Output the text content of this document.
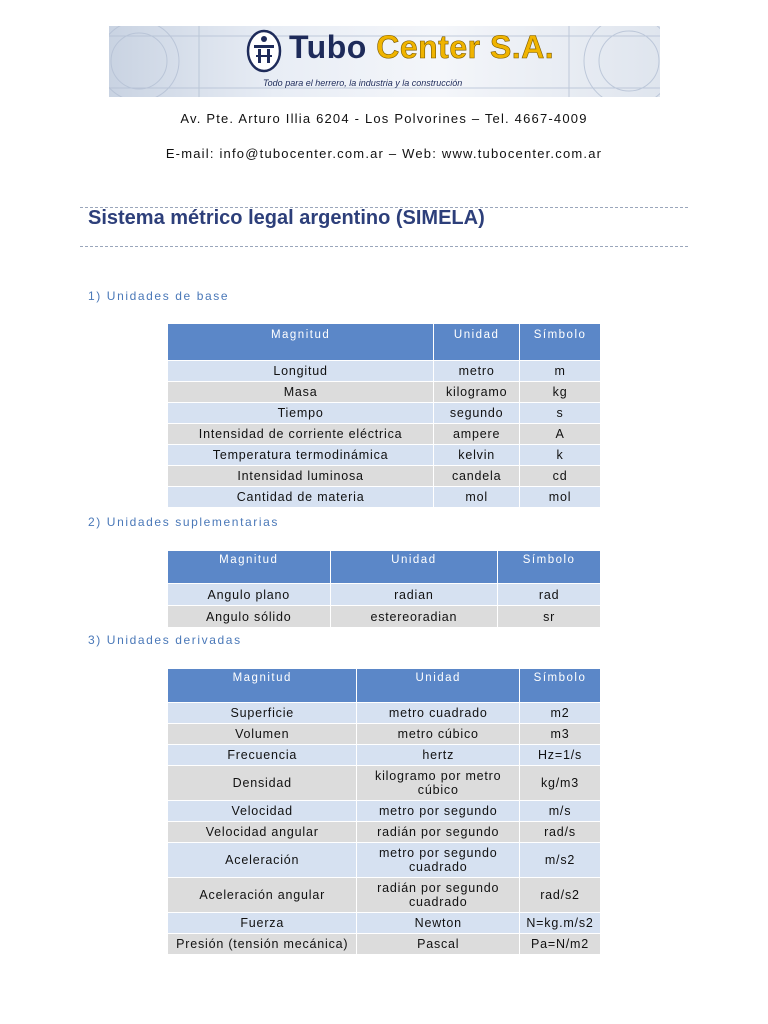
Tubo Center S.A.
Todo para el herrero, la industria y la construcción
Av. Pte. Arturo Illia 6204 - Los Polvorines – Tel. 4667-4009
E-mail: info@tubocenter.com.ar – Web: www.tubocenter.com.ar
Sistema métrico legal argentino (SIMELA)
1) Unidades de base
Magnitud	Unidad	Símbolo
Longitud	metro	m
Masa	kilogramo	kg
Tiempo	segundo	s
Intensidad de corriente eléctrica	ampere	A
Temperatura termodinámica	kelvin	k
Intensidad luminosa	candela	cd
Cantidad de materia	mol	mol
2) Unidades suplementarias
Magnitud	Unidad	Símbolo
Angulo plano	radian	rad
Angulo sólido	estereoradian	sr
3) Unidades derivadas
Magnitud	Unidad	Símbolo
Superficie	metro cuadrado	m2
Volumen	metro cúbico	m3
Frecuencia	hertz	Hz=1/s
Densidad	kilogramo por metro cúbico	kg/m3
Velocidad	metro por segundo	m/s
Velocidad angular	radián por segundo	rad/s
Aceleración	metro por segundo cuadrado	m/s2
Aceleración angular	radián por segundo cuadrado	rad/s2
Fuerza	Newton	N=kg.m/s2
Presión (tensión mecánica)	Pascal	Pa=N/m2
